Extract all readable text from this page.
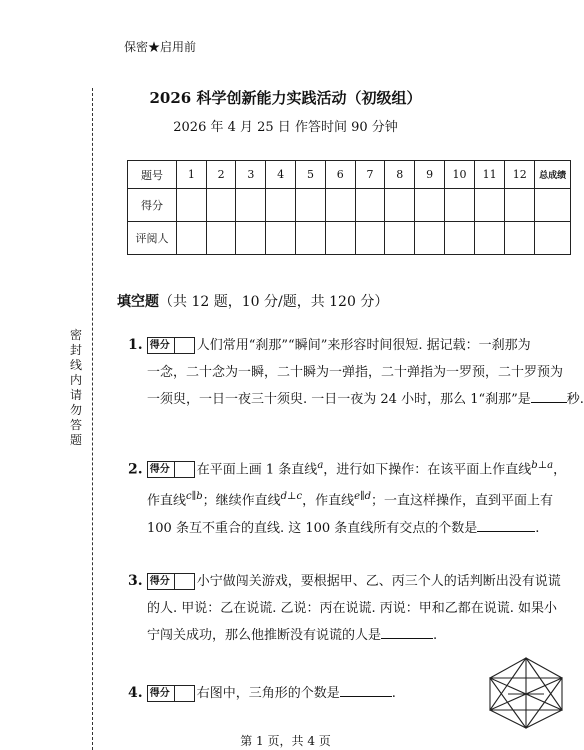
保密★启用前
2026 科学创新能力实践活动（初级组）
2026 年 4 月 25 日 作答时间 90 分钟
密封线内请勿答题
题号	1	2	3	4	5	6	7	8	9	10	11	12	总成绩
得分													
评阅人													
填空题（共 12 题，10 分/题，共 120 分）
1. 得分 人们常用“刹那”“瞬间”来形容时间很短. 据记载：一刹那为
一念，二十念为一瞬，二十瞬为一弹指，二十弹指为一罗预，二十罗预为
一须臾，一日一夜三十须臾. 一日一夜为 24 小时，那么 1“刹那”是	秒.
2. 得分 在平面上画 1 条直线$^a$，进行如下操作：在该平面上作直线$^{b\perp a}$，
作直线$^{c\parallel b}$；继续作直线$^{d\perp c}$，作直线$^{e\parallel d}$；一直这样操作，直到平面上有
100 条互不重合的直线. 这 100 条直线所有交点的个数是	.
3. 得分 小宁做闯关游戏，要根据甲、乙、丙三个人的话判断出没有说谎
的人. 甲说：乙在说谎. 乙说：丙在说谎. 丙说：甲和乙都在说谎. 如果小
宁闯关成功，那么他推断没有说谎的人是	.
4. 得分 右图中，三角形的个数是	.
第 1 页，共 4 页
